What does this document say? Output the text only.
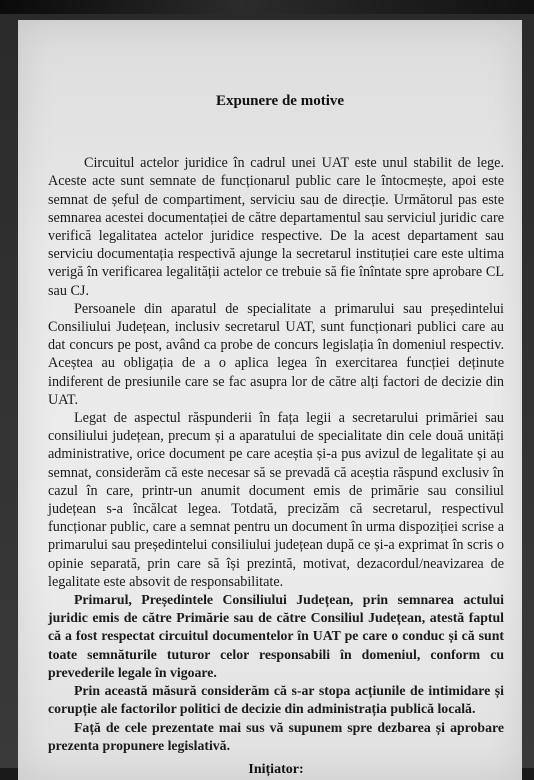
Expunere de motive

Circuitul actelor juridice în cadrul unei UAT este unul stabilit de lege. Aceste acte sunt semnate de funcționarul public care le întocmește, apoi este semnat de șeful de compartiment, serviciu sau de direcție. Următorul pas este semnarea acestei documentației de către departamentul sau serviciul juridic care verifică legalitatea actelor juridice respective. De la acest departament sau serviciu documentația respectivă ajunge la secretarul instituției care este ultima verigă în verificarea legalității actelor ce trebuie să fie înîntate spre aprobare CL sau CJ.

Persoanele din aparatul de specialitate a primarului sau președintelui Consiliului Județean, inclusiv secretarul UAT, sunt funcționari publici care au dat concurs pe post, având ca probe de concurs legislația în domeniul respectiv. Aceștea au obligația de a o aplica legea în exercitarea funcției deținute indiferent de presiunile care se fac asupra lor de către alți factori de decizie din UAT.

Legat de aspectul răspunderii în fața legii a secretarului primăriei sau consiliului județean, precum și a aparatului de specialitate din cele două unități administrative, orice document pe care aceștia și-a pus avizul de legalitate și au semnat, considerăm că este necesar să se prevadă că aceștia răspund exclusiv în cazul în care, printr-un anumit document emis de primărie sau consiliul județean s-a încălcat legea. Totdată, precizăm că secretarul, respectivul funcționar public, care a semnat pentru un document în urma dispoziției scrise a primarului sau președintelui consiliului județean după ce și-a exprimat în scris o opinie separată, prin care să își prezintă, motivat, dezacordul/neavizarea de legalitate este absovit de responsabilitate.

Primarul, Președintele Consiliului Județean, prin semnarea actului juridic emis de către Primărie sau de către Consiliul Județean, atestă faptul că a fost respectat circuitul documentelor în UAT pe care o conduc și că sunt toate semnăturile tuturor celor responsabili în domeniul, conform cu prevederile legale în vigoare.

Prin această măsură considerăm că s-ar stopa acțiunile de intimidare și corupție ale factorilor politici de decizie din administrația publică locală.

Față de cele prezentate mai sus vă supunem spre dezbarea și aprobare prezenta propunere legislativă.

Inițiator:
